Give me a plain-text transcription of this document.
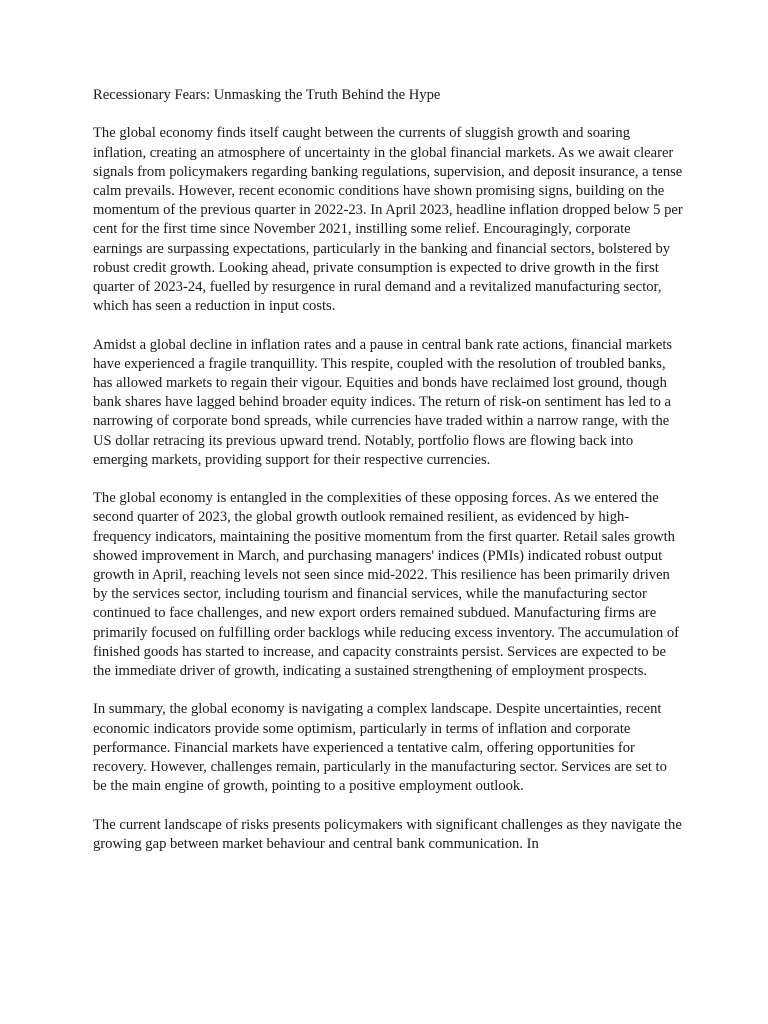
Recessionary Fears: Unmasking the Truth Behind the Hype

The global economy finds itself caught between the currents of sluggish growth and soaring inflation, creating an atmosphere of uncertainty in the global financial markets. As we await clearer signals from policymakers regarding banking regulations, supervision, and deposit insurance, a tense calm prevails. However, recent economic conditions have shown promising signs, building on the momentum of the previous quarter in 2022-23. In April 2023, headline inflation dropped below 5 per cent for the first time since November 2021, instilling some relief. Encouragingly, corporate earnings are surpassing expectations, particularly in the banking and financial sectors, bolstered by robust credit growth. Looking ahead, private consumption is expected to drive growth in the first quarter of 2023-24, fuelled by resurgence in rural demand and a revitalized manufacturing sector, which has seen a reduction in input costs.

Amidst a global decline in inflation rates and a pause in central bank rate actions, financial markets have experienced a fragile tranquillity. This respite, coupled with the resolution of troubled banks, has allowed markets to regain their vigour. Equities and bonds have reclaimed lost ground, though bank shares have lagged behind broader equity indices. The return of risk-on sentiment has led to a narrowing of corporate bond spreads, while currencies have traded within a narrow range, with the US dollar retracing its previous upward trend. Notably, portfolio flows are flowing back into emerging markets, providing support for their respective currencies.

The global economy is entangled in the complexities of these opposing forces. As we entered the second quarter of 2023, the global growth outlook remained resilient, as evidenced by high-frequency indicators, maintaining the positive momentum from the first quarter. Retail sales growth showed improvement in March, and purchasing managers' indices (PMIs) indicated robust output growth in April, reaching levels not seen since mid-2022. This resilience has been primarily driven by the services sector, including tourism and financial services, while the manufacturing sector continued to face challenges, and new export orders remained subdued. Manufacturing firms are primarily focused on fulfilling order backlogs while reducing excess inventory. The accumulation of finished goods has started to increase, and capacity constraints persist. Services are expected to be the immediate driver of growth, indicating a sustained strengthening of employment prospects.

In summary, the global economy is navigating a complex landscape. Despite uncertainties, recent economic indicators provide some optimism, particularly in terms of inflation and corporate performance. Financial markets have experienced a tentative calm, offering opportunities for recovery. However, challenges remain, particularly in the manufacturing sector. Services are set to be the main engine of growth, pointing to a positive employment outlook.

The current landscape of risks presents policymakers with significant challenges as they navigate the growing gap between market behaviour and central bank communication. In
